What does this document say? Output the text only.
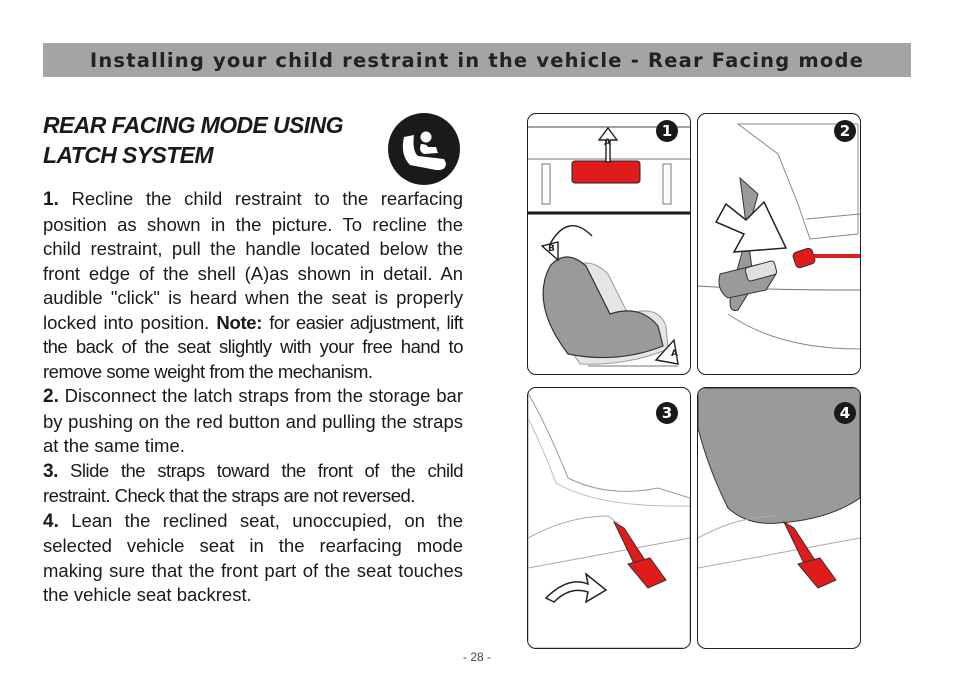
Installing your child restraint in the vehicle - Rear Facing mode
REAR FACING MODE USING
LATCH SYSTEM

1. Recline the child restraint to the rearfacing position as shown in the picture. To recline the child restraint, pull the handle located below the front edge of the shell (A)as shown in detail. An audible "click" is heard when the seat is properly locked into position. Note: for easier adjustment, lift the back of the seat slightly with your free hand to remove some weight from the mechanism.

2. Disconnect the latch straps from the storage bar by pushing on the red button and pulling the straps at the same time.

3. Slide the straps toward the front of the child restraint. Check that the straps are not reversed.

4. Lean the reclined seat, unoccupied, on the selected vehicle seat in the rearfacing mode making sure that the front part of the seat touches the vehicle seat backrest.

1
A
B
A
2
3	4
- 28 -
